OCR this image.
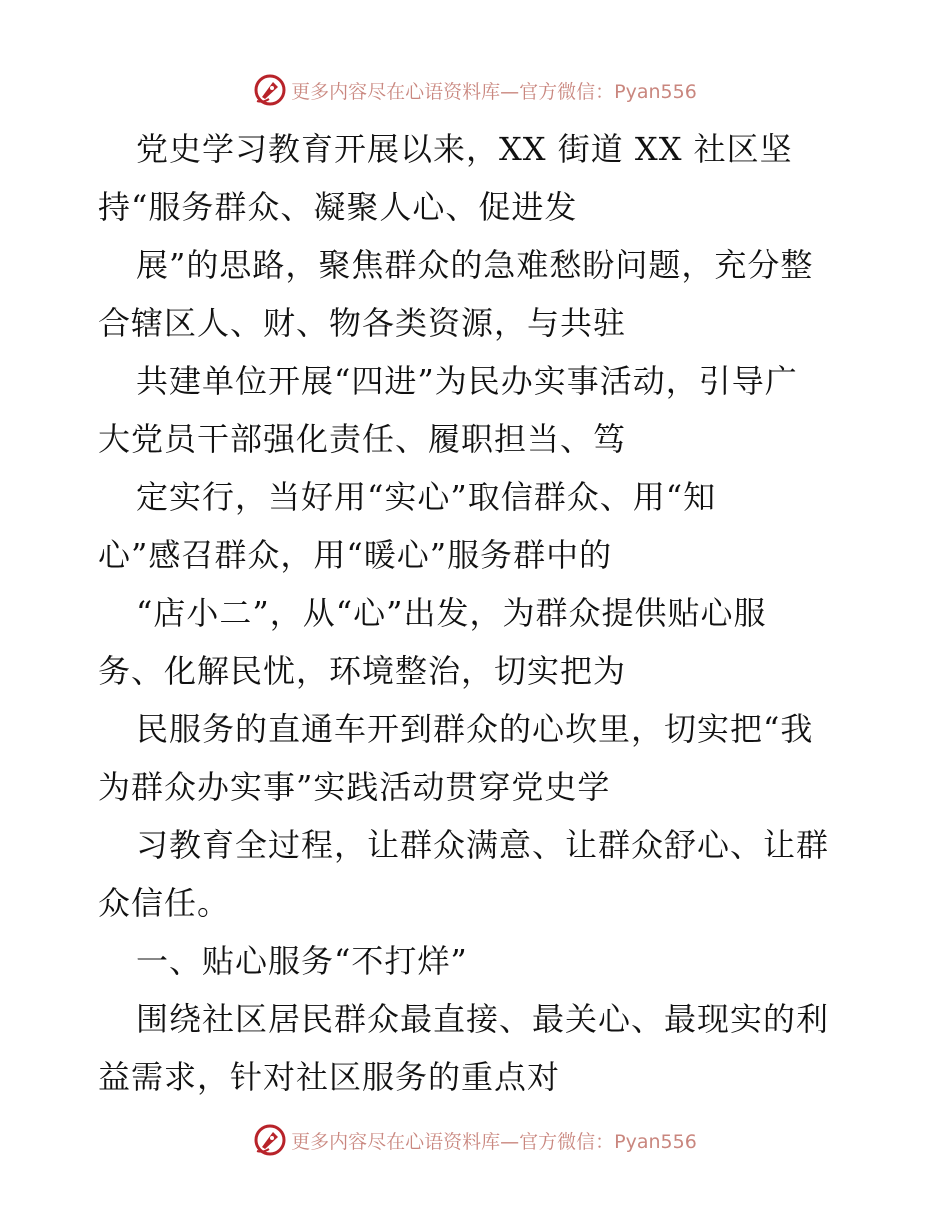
更多内容尽在心语资料库—官方微信：Pyan556
党史学习教育开展以来，XX 街道 XX 社区坚
持“服务群众、凝聚人心、促进发
展”的思路，聚焦群众的急难愁盼问题，充分整
合辖区人、财、物各类资源，与共驻
共建单位开展“四进”为民办实事活动，引导广
大党员干部强化责任、履职担当、笃
定实行，当好用“实心”取信群众、用“知
心”感召群众，用“暖心”服务群中的
“店小二”，从“心”出发，为群众提供贴心服
务、化解民忧，环境整治，切实把为
民服务的直通车开到群众的心坎里，切实把“我
为群众办实事”实践活动贯穿党史学
习教育全过程，让群众满意、让群众舒心、让群
众信任。
一、贴心服务“不打烊”
围绕社区居民群众最直接、最关心、最现实的利
益需求，针对社区服务的重点对
更多内容尽在心语资料库—官方微信：Pyan556
